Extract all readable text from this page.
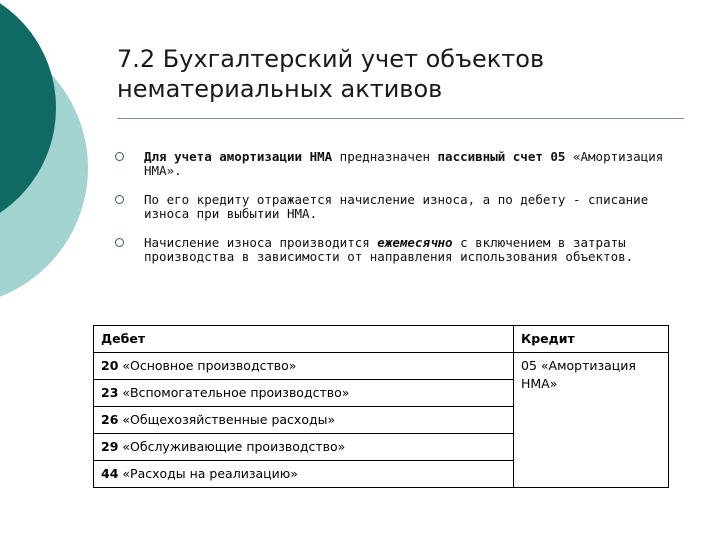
7.2 Бухгалтерский учет объектов
нематериальных активов
Для учета амортизации НМА предназначен пассивный счет 05 «Амортизация НМА».
По его кредиту отражается начисление износа, а по дебету - списание износа при выбытии НМА.
Начисление износа производится ежемесячно с включением в затраты производства в зависимости от направления использования объектов.
Дебет	Кредит

20 «Основное производство»
23 «Вспомогательное производство»
26 «Общехозяйственные расходы»
29 «Обслуживающие производство»
44 «Расходы на реализацию»	05 «Амортизация НМА»
